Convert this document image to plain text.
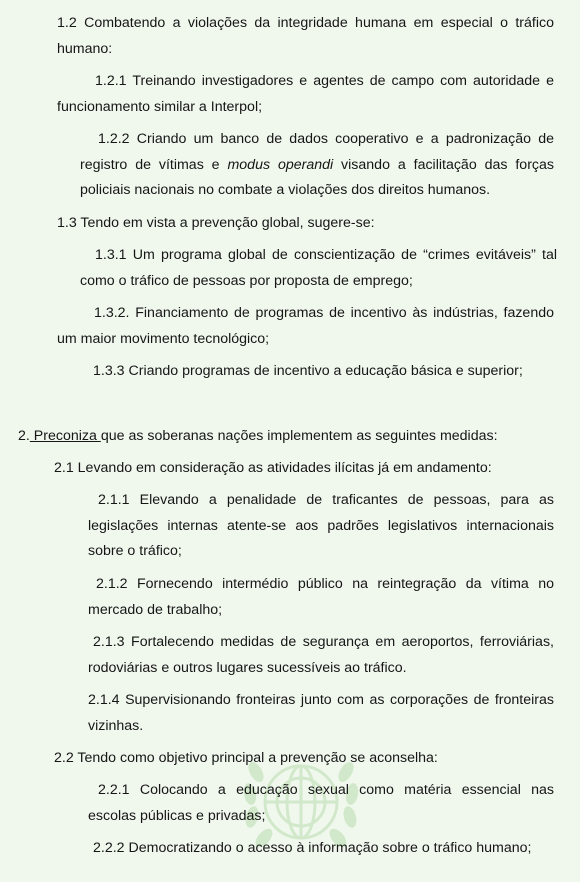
1.2 Combatendo a violações da integridade humana em especial o tráfico humano:

1.2.1 Treinando investigadores e agentes de campo com autoridade e funcionamento similar a Interpol;

1.2.2 Criando um banco de dados cooperativo e a padronização de registro de vítimas e modus operandi visando a facilitação das forças policiais nacionais no combate a violações dos direitos humanos.

1.3 Tendo em vista a prevenção global, sugere-se:

1.3.1 Um programa global de conscientização de “crimes evitáveis” tal como o tráfico de pessoas por proposta de emprego;

1.3.2. Financiamento de programas de incentivo às indústrias, fazendo um maior movimento tecnológico;

1.3.3 Criando programas de incentivo a educação básica e superior;

2. Preconiza que as soberanas nações implementem as seguintes medidas:

2.1 Levando em consideração as atividades ilícitas já em andamento:

2.1.1 Elevando a penalidade de traficantes de pessoas, para as legislações internas atente-se aos padrões legislativos internacionais sobre o tráfico;

2.1.2 Fornecendo intermédio público na reintegração da vítima no mercado de trabalho;

2.1.3 Fortalecendo medidas de segurança em aeroportos, ferroviárias, rodoviárias e outros lugares sucessíveis ao tráfico.

2.1.4 Supervisionando fronteiras junto com as corporações de fronteiras vizinhas.

2.2 Tendo como objetivo principal a prevenção se aconselha:

2.2.1 Colocando a educação sexual como matéria essencial nas escolas públicas e privadas;

2.2.2 Democratizando o acesso à informação sobre o tráfico humano;
